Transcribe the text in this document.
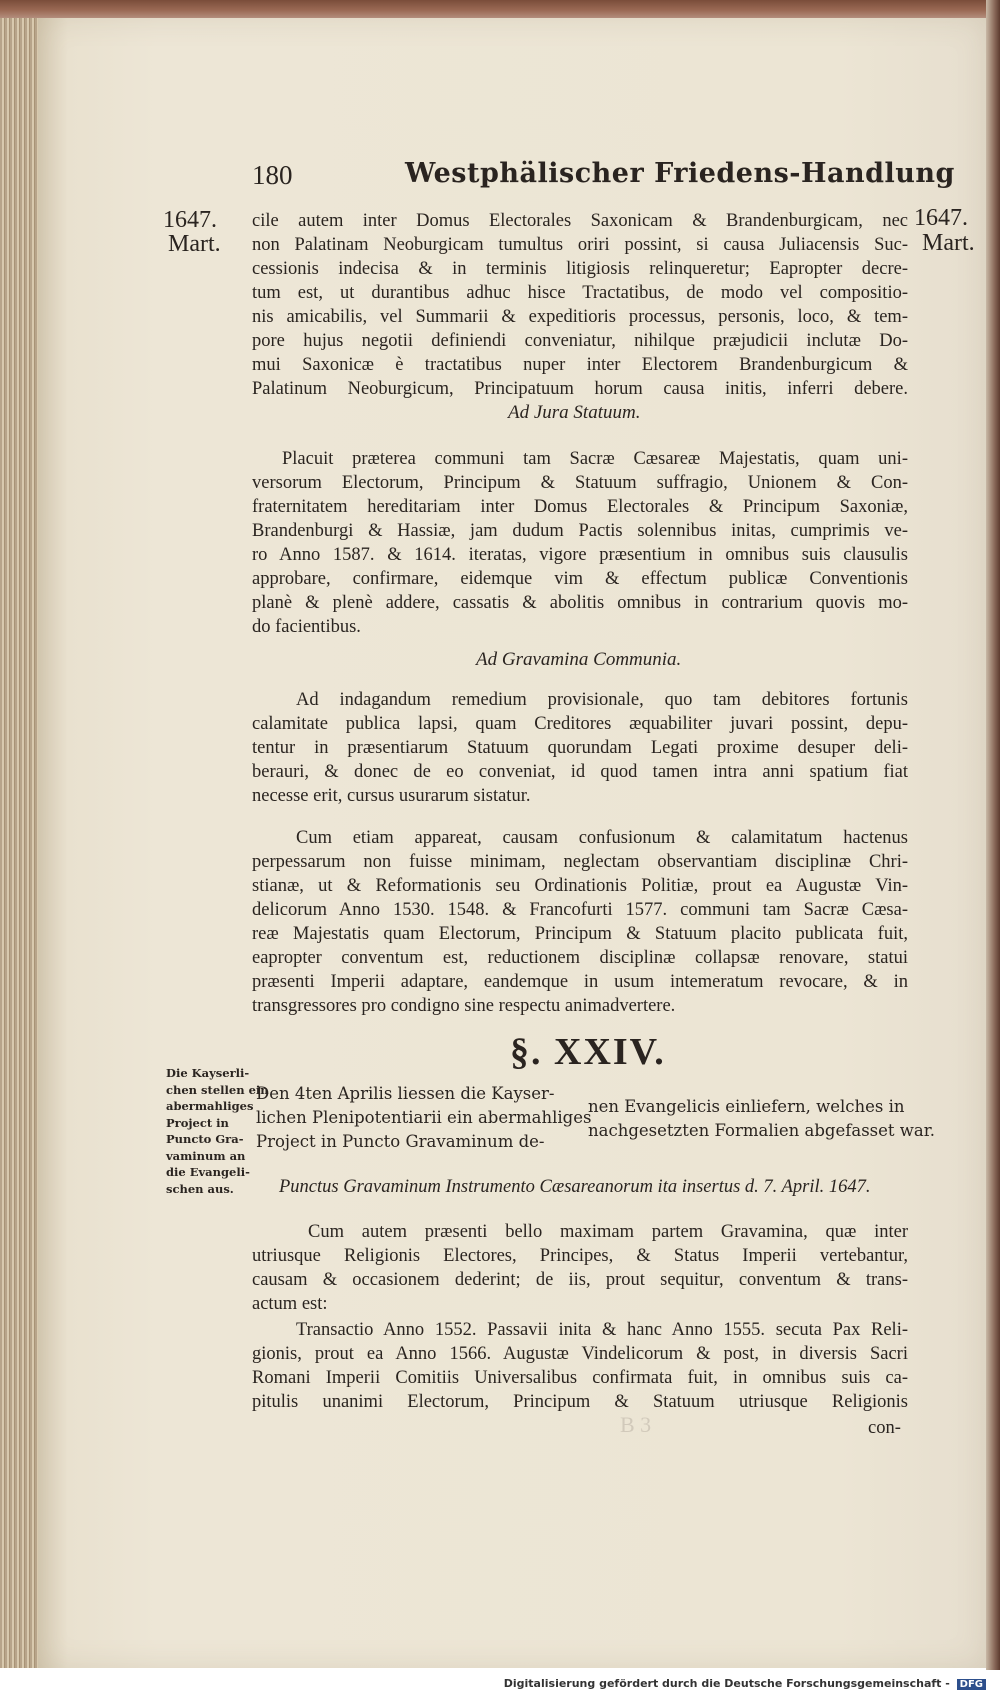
180	Westphälischer Friedens-Handlung
1647.
Mart.
1647.
Mart.
cile autem inter Domus Electorales Saxonicam & Brandenburgicam, nec
non Palatinam Neoburgicam tumultus oriri possint, si causa Juliacensis Suc-
cessionis indecisa & in terminis litigiosis relinqueretur; Eapropter decre-
tum est, ut durantibus adhuc hisce Tractatibus, de modo vel compositio-
nis amicabilis, vel Summarii & expeditioris processus, personis, loco, & tem-
pore hujus negotii definiendi conveniatur, nihilque præjudicii inclutæ Do-
mui Saxonicæ è tractatibus nuper inter Electorem Brandenburgicum &
Palatinum Neoburgicum, Principatuum horum causa initis, inferri debere.
Ad Jura Statuum.
Placuit præterea communi tam Sacræ Cæsareæ Majestatis, quam uni-
versorum Electorum, Principum & Statuum suffragio, Unionem & Con-
fraternitatem hereditariam inter Domus Electorales & Principum Saxoniæ,
Brandenburgi & Hassiæ, jam dudum Pactis solennibus initas, cumprimis ve-
ro Anno 1587. & 1614. iteratas, vigore præsentium in omnibus suis clausulis
approbare, confirmare, eidemque vim & effectum publicæ Conventionis
planè & plenè addere, cassatis & abolitis omnibus in contrarium quovis mo-
do facientibus.
Ad Gravamina Communia.
Ad indagandum remedium provisionale, quo tam debitores fortunis
calamitate publica lapsi, quam Creditores æquabiliter juvari possint, depu-
tentur in præsentiarum Statuum quorundam Legati proxime desuper deli-
berauri, & donec de eo conveniat, id quod tamen intra anni spatium fiat
necesse erit, cursus usurarum sistatur.
Cum etiam appareat, causam confusionum & calamitatum hactenus
perpessarum non fuisse minimam, neglectam observantiam disciplinæ Chri-
stianæ, ut & Reformationis seu Ordinationis Politiæ, prout ea Augustæ Vin-
delicorum Anno 1530. 1548. & Francofurti 1577. communi tam Sacræ Cæsa-
reæ Majestatis quam Electorum, Principum & Statuum placito publicata fuit,
eapropter conventum est, reductionem disciplinæ collapsæ renovare, statui
præsenti Imperii adaptare, eandemque in usum intemeratum revocare, & in
transgressores pro condigno sine respectu animadvertere.
§. XXIV.
Die Kayserli-
chen stellen ein
abermahliges
Project in
Puncto Gra-
vaminum an
die Evangeli-
schen aus.
Den 4ten Aprilis liessen die Kayser-
lichen Plenipotentiarii ein abermahliges
Project in Puncto Gravaminum de-
nen Evangelicis einliefern, welches in
nachgesetzten Formalien abgefasset war.
Punctus Gravaminum Instrumento Cæsareanorum ita insertus d. 7. April. 1647.
Cum autem præsenti bello maximam partem Gravamina, quæ inter
utriusque Religionis Electores, Principes, & Status Imperii vertebantur,
causam & occasionem dederint; de iis, prout sequitur, conventum & trans-
actum est:
Transactio Anno 1552. Passavii inita & hanc Anno 1555. secuta Pax Reli-
gionis, prout ea Anno 1566. Augustæ Vindelicorum & post, in diversis Sacri
Romani Imperii Comitiis Universalibus confirmata fuit, in omnibus suis ca-
pitulis unanimi Electorum, Principum & Statuum utriusque Religionis
B 3	con-
Digitalisierung gefördert durch die Deutsche Forschungsgemeinschaft - DFG
